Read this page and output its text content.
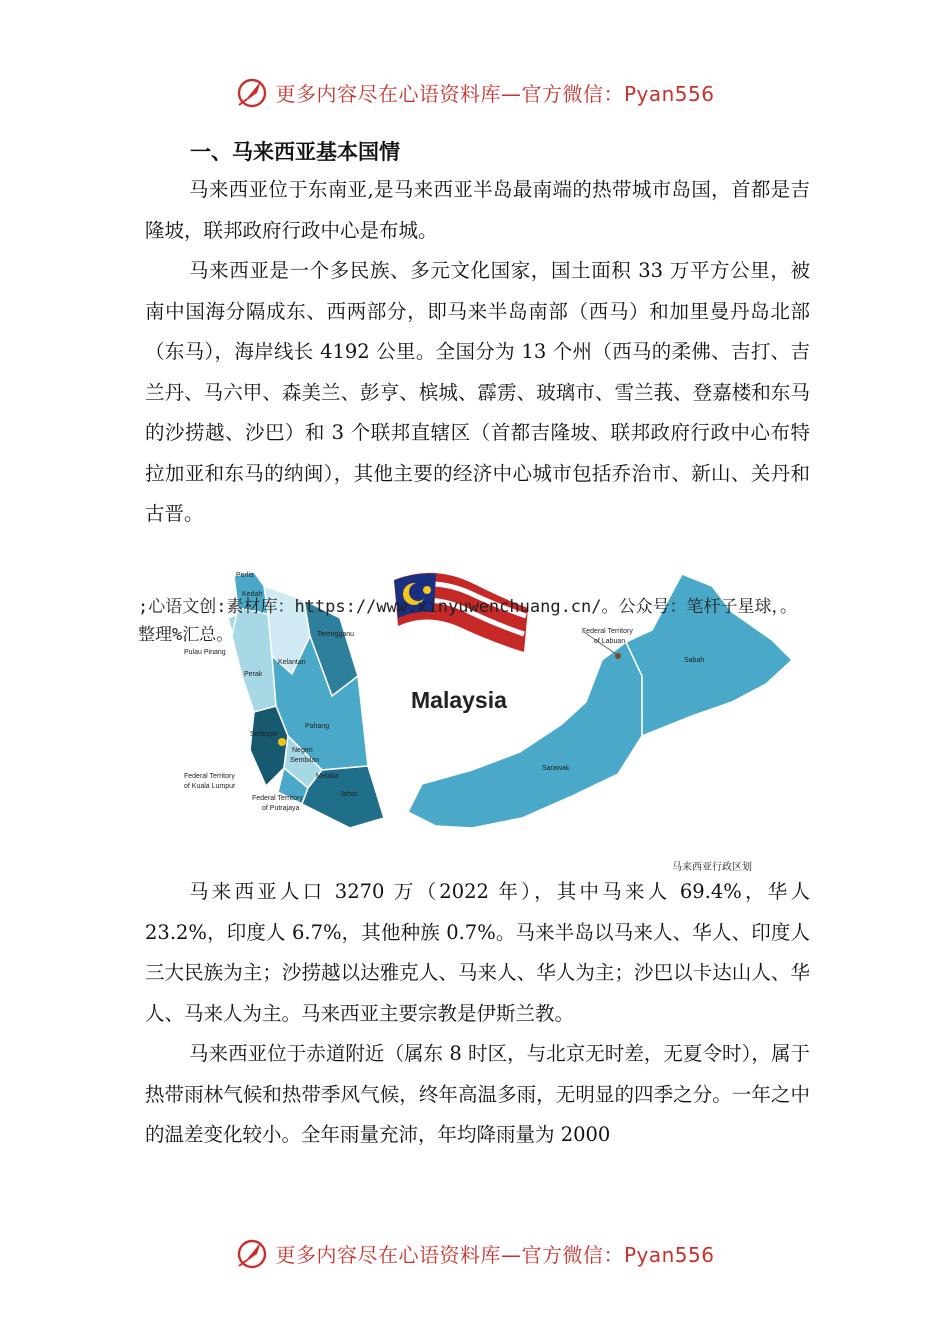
更多内容尽在心语资料库—官方微信：Pyan556
一、马来西亚基本国情
马来西亚位于东南亚,是马来西亚半岛最南端的热带城市岛国，首都是吉隆坡，联邦政府行政中心是布城。
马来西亚是一个多民族、多元文化国家，国土面积 33 万平方公里，被南中国海分隔成东、西两部分，即马来半岛南部（西马）和加里曼丹岛北部（东马），海岸线长 4192 公里。全国分为 13 个州（西马的柔佛、吉打、吉兰丹、马六甲、森美兰、彭亨、槟城、霹雳、玻璃市、雪兰莪、登嘉楼和东马的沙捞越、沙巴）和 3 个联邦直辖区（首都吉隆坡、联邦政府行政中心布特拉加亚和东马的纳闽），其他主要的经济中心城市包括乔治市、新山、关丹和古晋。
Malaysia
Perlis
Kedah
Pulau Pinang
Kelantan
Terengganu
Perak
Pahang
Selangor
Negeri
Sembilan
Melaka
Johor
Federal Territory
of Kuala Lumpur
Federal Territory
of Putrajaya
Federal Territory
of Labuan
Sarawak
Sabah
马来西亚行政区划
;心语文创:素材库：https://www.xinyuwenchuang.cn/。公众号：笔杆子星球，。整理%汇总。
马来西亚人口 3270 万（2022 年），其中马来人 69.4%，华人23.2%，印度人 6.7%，其他种族 0.7%。马来半岛以马来人、华人、印度人三大民族为主；沙捞越以达雅克人、马来人、华人为主；沙巴以卡达山人、华人、马来人为主。马来西亚主要宗教是伊斯兰教。
马来西亚位于赤道附近（属东 8 时区，与北京无时差，无夏令时），属于热带雨林气候和热带季风气候，终年高温多雨，无明显的四季之分。一年之中的温差变化较小。全年雨量充沛，年均降雨量为 2000
更多内容尽在心语资料库—官方微信：Pyan556
